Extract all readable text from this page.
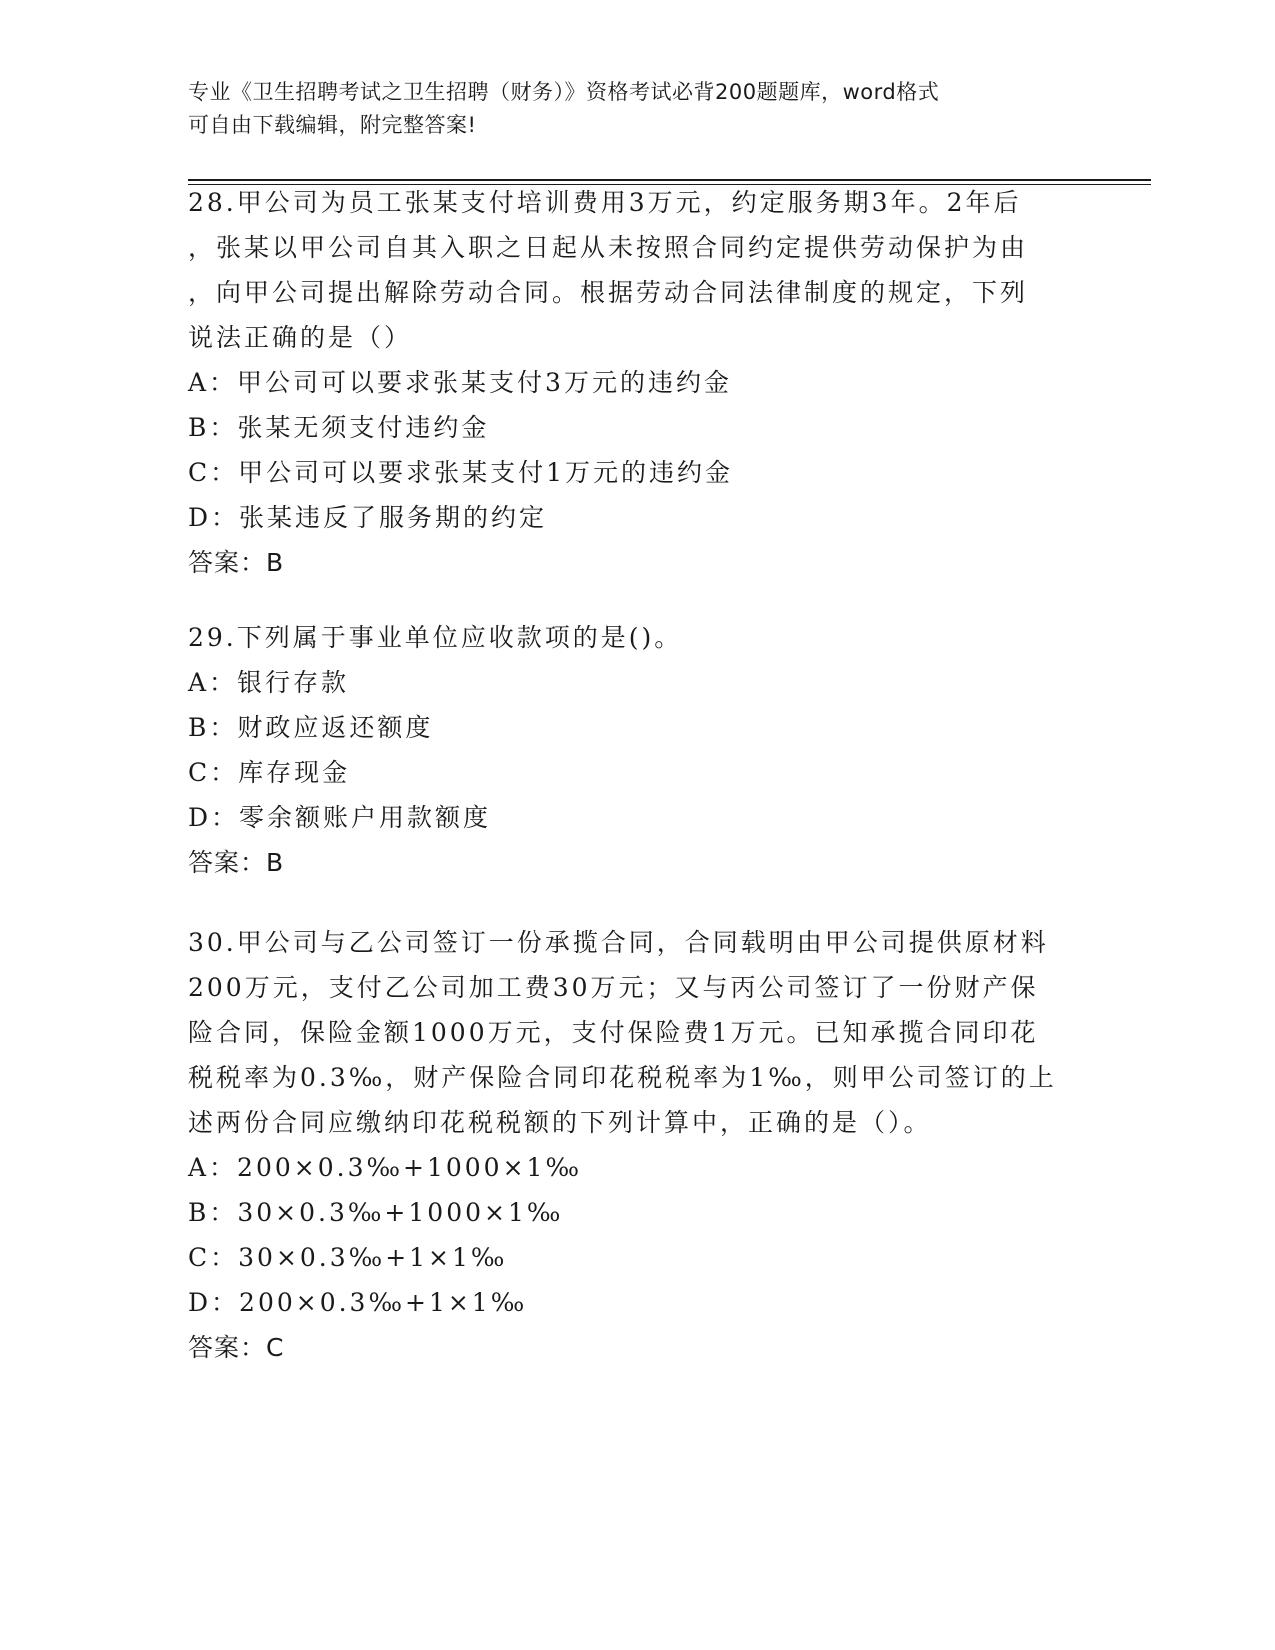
专业《卫生招聘考试之卫生招聘（财务）》资格考试必背200题题库，word格式
可自由下载编辑，附完整答案!
28.甲公司为员工张某支付培训费用3万元，约定服务期3年。2年后
，张某以甲公司自其入职之日起从未按照合同约定提供劳动保护为由
，向甲公司提出解除劳动合同。根据劳动合同法律制度的规定，下列
说法正确的是（）
A：甲公司可以要求张某支付3万元的违约金
B：张某无须支付违约金
C：甲公司可以要求张某支付1万元的违约金
D：张某违反了服务期的约定
答案：B
29.下列属于事业单位应收款项的是()。
A：银行存款
B：财政应返还额度
C：库存现金
D：零余额账户用款额度
答案：B
30.甲公司与乙公司签订一份承揽合同，合同载明由甲公司提供原材料
200万元，支付乙公司加工费30万元；又与丙公司签订了一份财产保
险合同，保险金额1000万元，支付保险费1万元。已知承揽合同印花
税税率为0.3‰，财产保险合同印花税税率为1‰，则甲公司签订的上
述两份合同应缴纳印花税税额的下列计算中，正确的是（）。
A：200×0.3‰+1000×1‰
B：30×0.3‰+1000×1‰
C：30×0.3‰+1×1‰
D：200×0.3‰+1×1‰
答案：C
